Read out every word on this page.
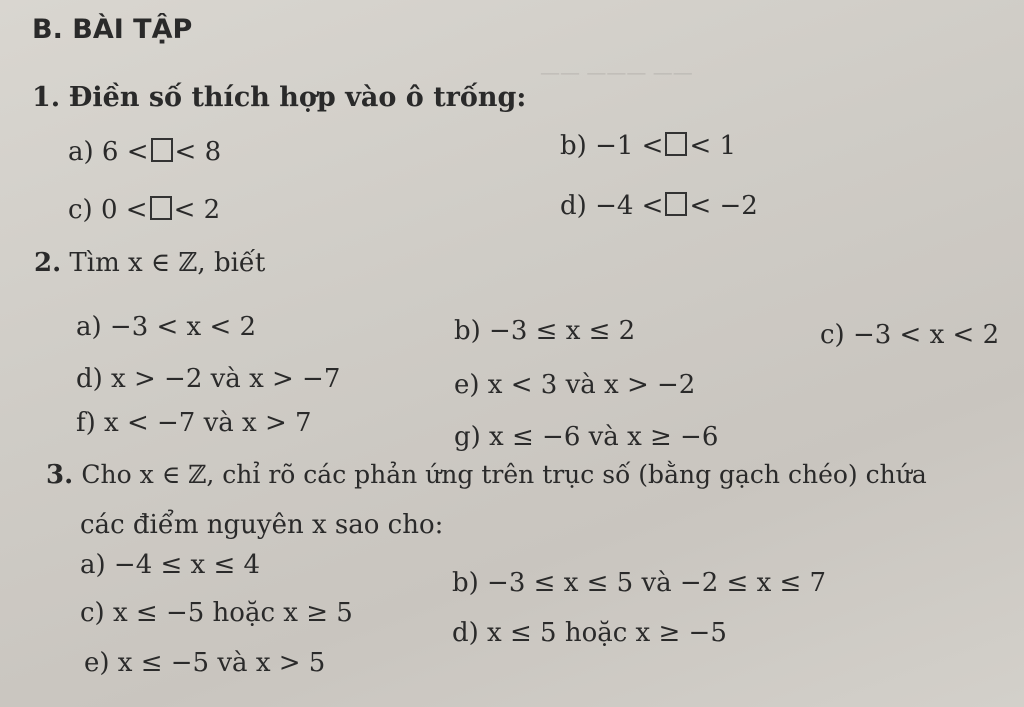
—— ——— ——
B. BÀI TẬP
1. Điền số thích hợp vào ô trống:
a) 6 < < 8	b) −1 < < 1
c) 0 < < 2	d) −4 < < −2
2. Tìm x ∈ ℤ, biết
a) −3 < x < 2	b) −3 ≤ x ≤ 2	c) −3 < x < 2
d) x > −2 và x > −7	e) x < 3 và x > −2
f) x < −7 và x > 7	g) x ≤ −6 và x ≥ −6
3. Cho x ∈ ℤ, chỉ rõ các phản ứng trên trục số (bằng gạch chéo) chứa
các điểm nguyên x sao cho:
a) −4 ≤ x ≤ 4
b) −3 ≤ x ≤ 5 và −2 ≤ x ≤ 7
c) x ≤ −5 hoặc x ≥ 5
d) x ≤ 5 hoặc x ≥ −5
e) x ≤ −5 và x > 5
